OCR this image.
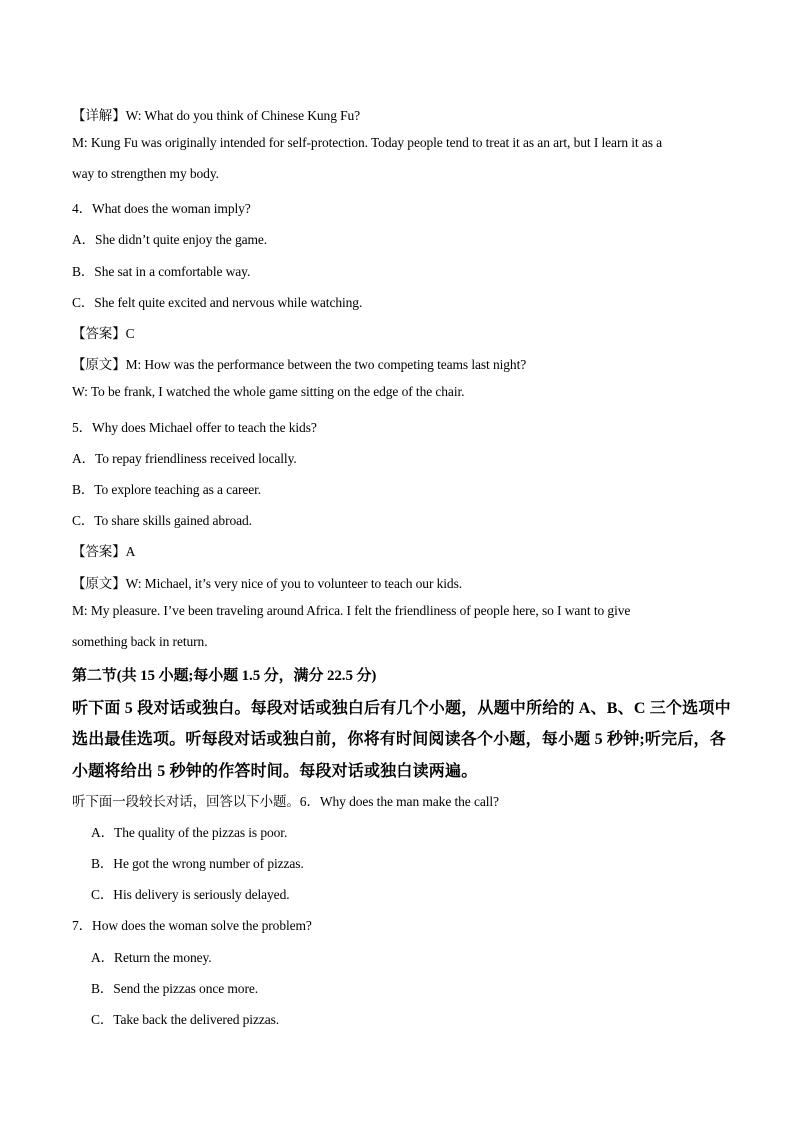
【详解】W: What do you think of Chinese Kung Fu?
M: Kung Fu was originally intended for self-protection. Today people tend to treat it as an art, but I learn it as a
way to strengthen my body.
4．What does the woman imply?
A．She didn’t quite enjoy the game.
B．She sat in a comfortable way.
C．She felt quite excited and nervous while watching.
【答案】C
【原文】M: How was the performance between the two competing teams last night?
W: To be frank, I watched the whole game sitting on the edge of the chair.
5．Why does Michael offer to teach the kids?
A．To repay friendliness received locally.
B．To explore teaching as a career.
C．To share skills gained abroad.
【答案】A
【原文】W: Michael, it’s very nice of you to volunteer to teach our kids.
M: My pleasure. I’ve been traveling around Africa. I felt the friendliness of people here, so I want to give
something back in return.
第二节(共 15 小题;每小题 1.5 分，满分 22.5 分)
听下面 5 段对话或独白。每段对话或独白后有几个小题，从题中所给的 A、B、C 三个选项中
选出最佳选项。听每段对话或独白前，你将有时间阅读各个小题，每小题 5 秒钟;听完后，各
小题将给出 5 秒钟的作答时间。每段对话或独白读两遍。
听下面一段较长对话，回答以下小题。6．Why does the man make the call?
A．The quality of the pizzas is poor.
B．He got the wrong number of pizzas.
C．His delivery is seriously delayed.
7．How does the woman solve the problem?
A．Return the money.
B．Send the pizzas once more.
C．Take back the delivered pizzas.
